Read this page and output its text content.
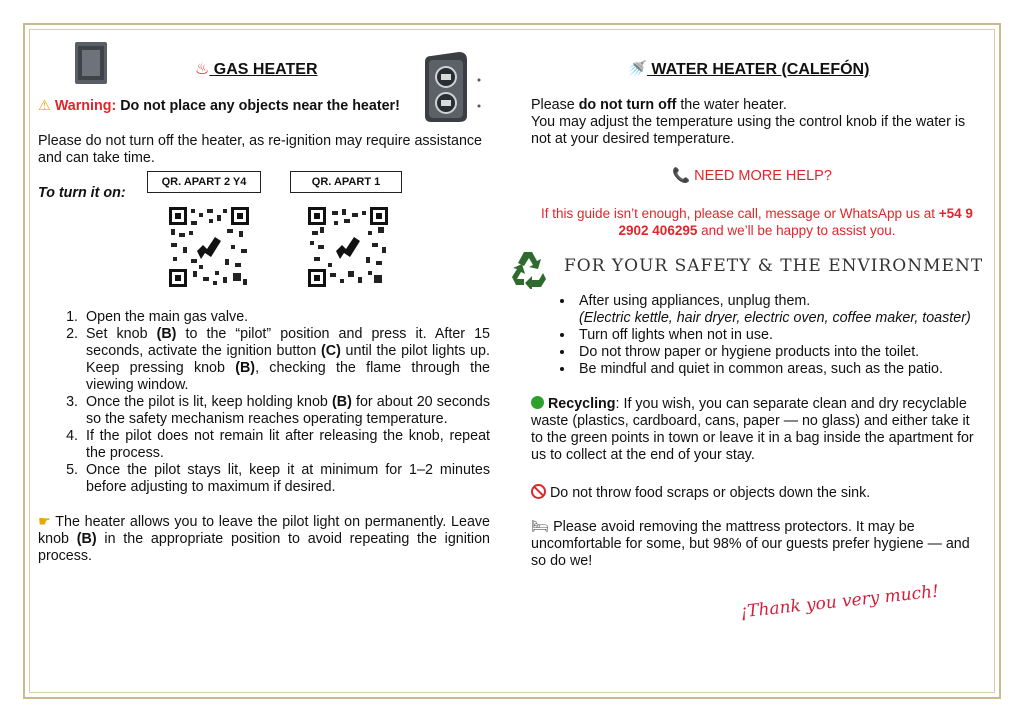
♨ GAS HEATER
⚠ Warning: Do not place any objects near the heater!
Please do not turn off the heater, as re-ignition may require assistance and can take time.
To turn it on:
QR. APART 2 Y4	QR. APART 1
1. Open the main gas valve.
2. Set knob (B) to the “pilot” position and press it. After 15 seconds, activate the ignition button (C) until the pilot lights up. Keep pressing knob (B), checking the flame through the viewing window.
3. Once the pilot is lit, keep holding knob (B) for about 20 seconds so the safety mechanism reaches operating temperature.
4. If the pilot does not remain lit after releasing the knob, repeat the process.
5. Once the pilot stays lit, keep it at minimum for 1–2 minutes before adjusting to maximum if desired.
☛ The heater allows you to leave the pilot light on permanently. Leave knob (B) in the appropriate position to avoid repeating the ignition process.
🚿 WATER HEATER (CALEFÓN)
Please do not turn off the water heater.
You may adjust the temperature using the control knob if the water is not at your desired temperature.
📞 NEED MORE HELP?
If this guide isn’t enough, please call, message or WhatsApp us at +54 9 2902 406295 and we’ll be happy to assist you.
FOR YOUR SAFETY & THE ENVIRONMENT
• After using appliances, unplug them.
(Electric kettle, hair dryer, electric oven, coffee maker, toaster)
• Turn off lights when not in use.
• Do not throw paper or hygiene products into the toilet.
• Be mindful and quiet in common areas, such as the patio.
Recycling: If you wish, you can separate clean and dry recyclable waste (plastics, cardboard, cans, paper — no glass) and either take it to the green points in town or leave it in a bag inside the apartment for us to collect at the end of your stay.
Do not throw food scraps or objects down the sink.
🛏 Please avoid removing the mattress protectors. It may be uncomfortable for some, but 98% of our guests prefer hygiene — and so do we!
¡Thank you very much!
